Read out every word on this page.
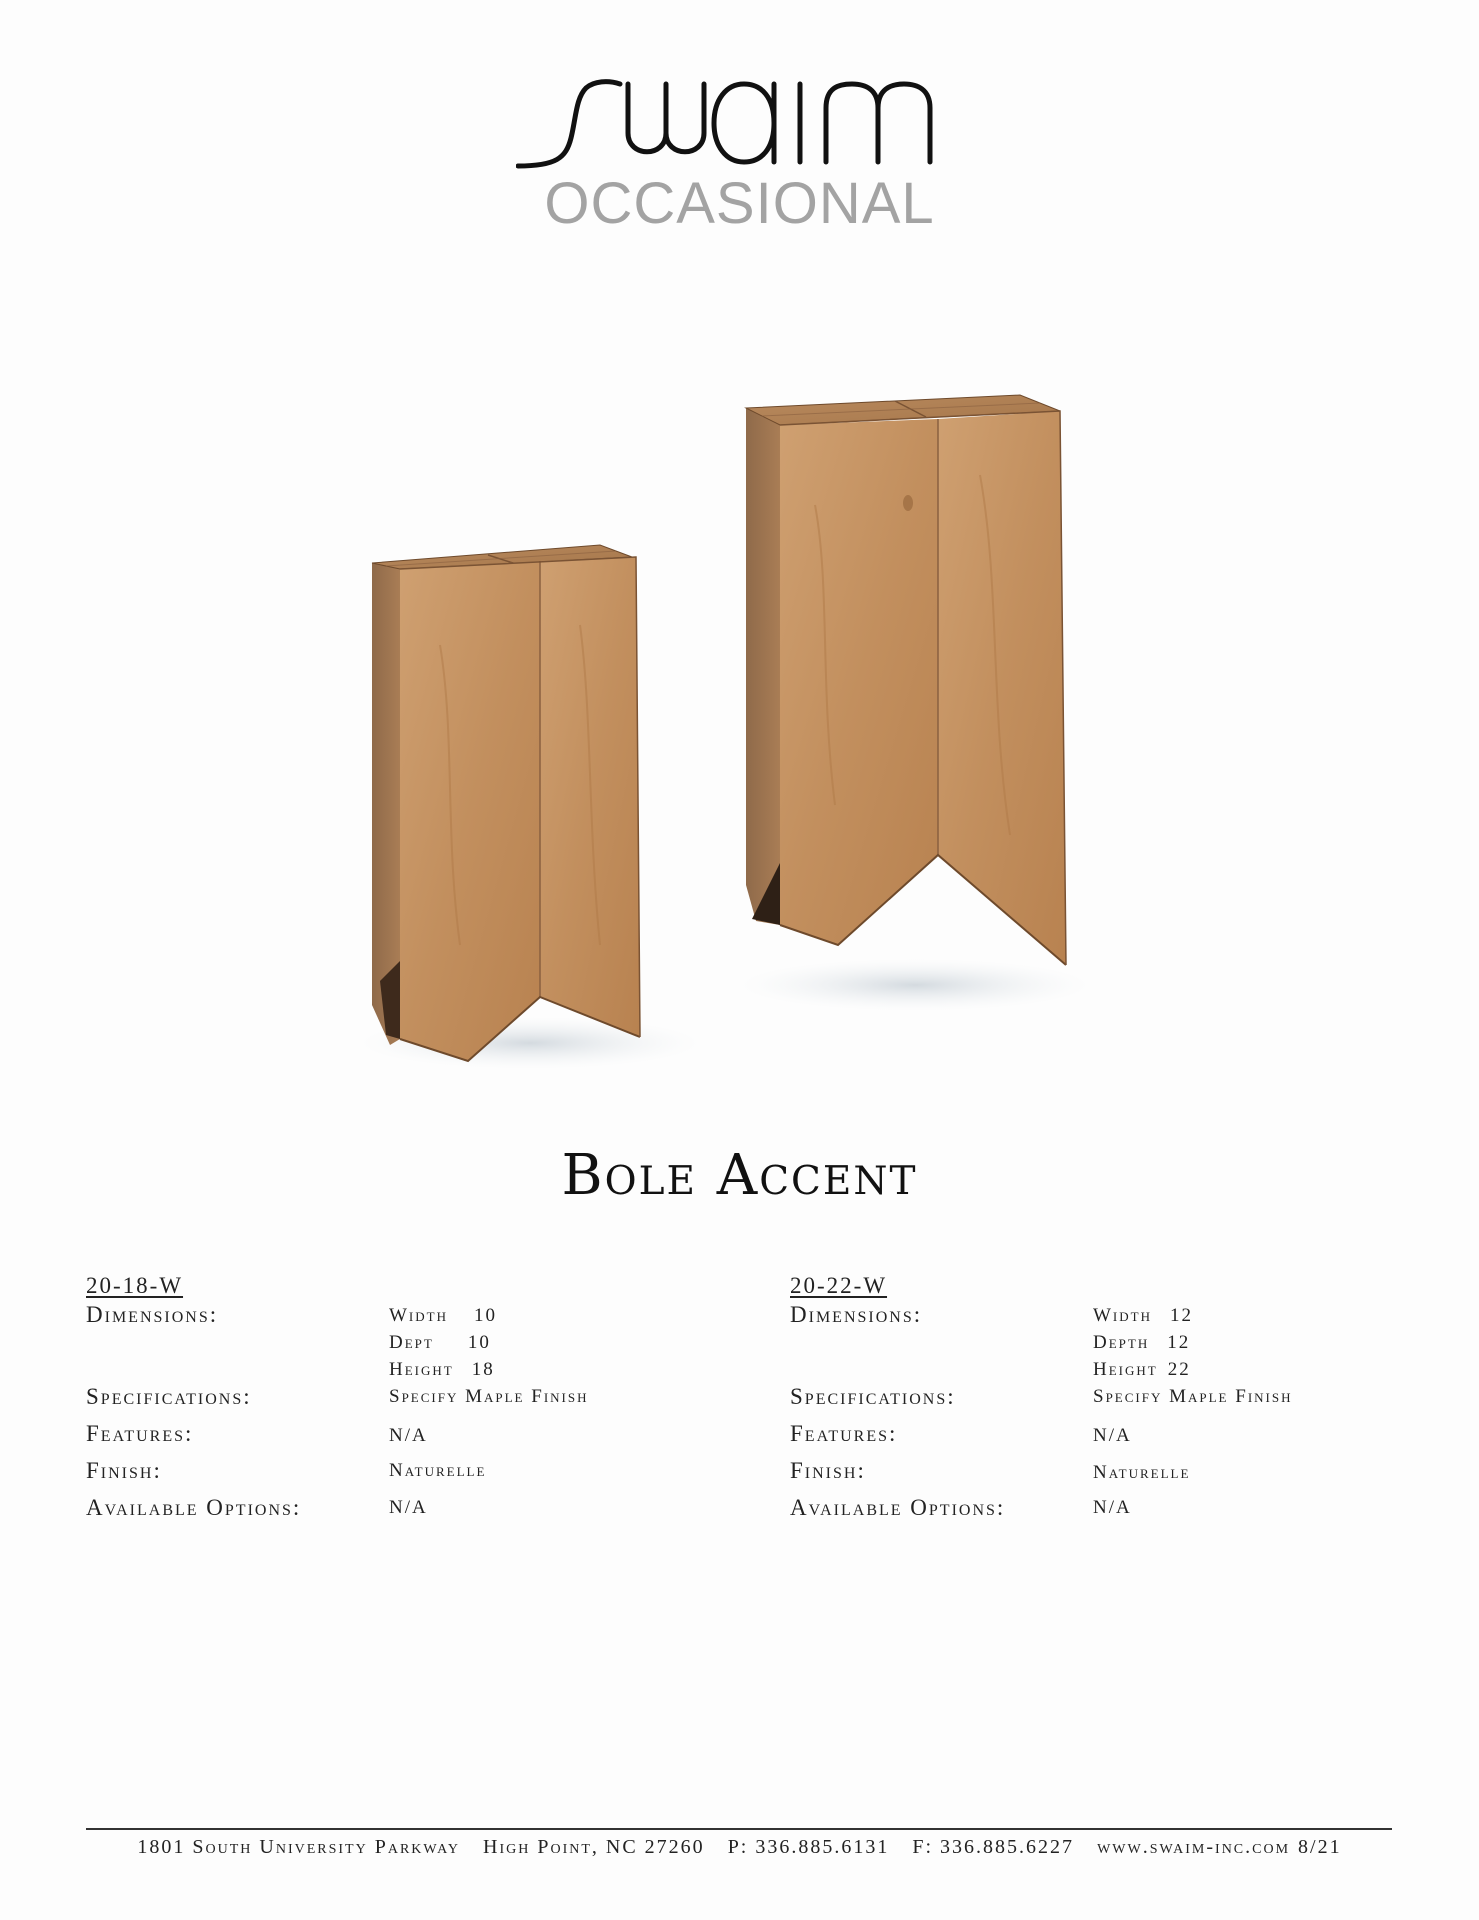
OCCASIONAL
Bole Accent
20-18-W
Dimensions:	Width 10
Dept 10
Height 18
Specifications:	Specify Maple Finish
Features:	N/A
Finish:	Naturelle
Available Options:	N/A
20-22-W
Dimensions:	Width 12
Depth 12
Height 22
Specifications:	Specify Maple Finish
Features:	N/A
Finish:	Naturelle
Available Options:	N/A
1801 South University Parkway High Point, NC 27260 P: 336.885.6131 F: 336.885.6227 www.swaim-inc.com 8/21
